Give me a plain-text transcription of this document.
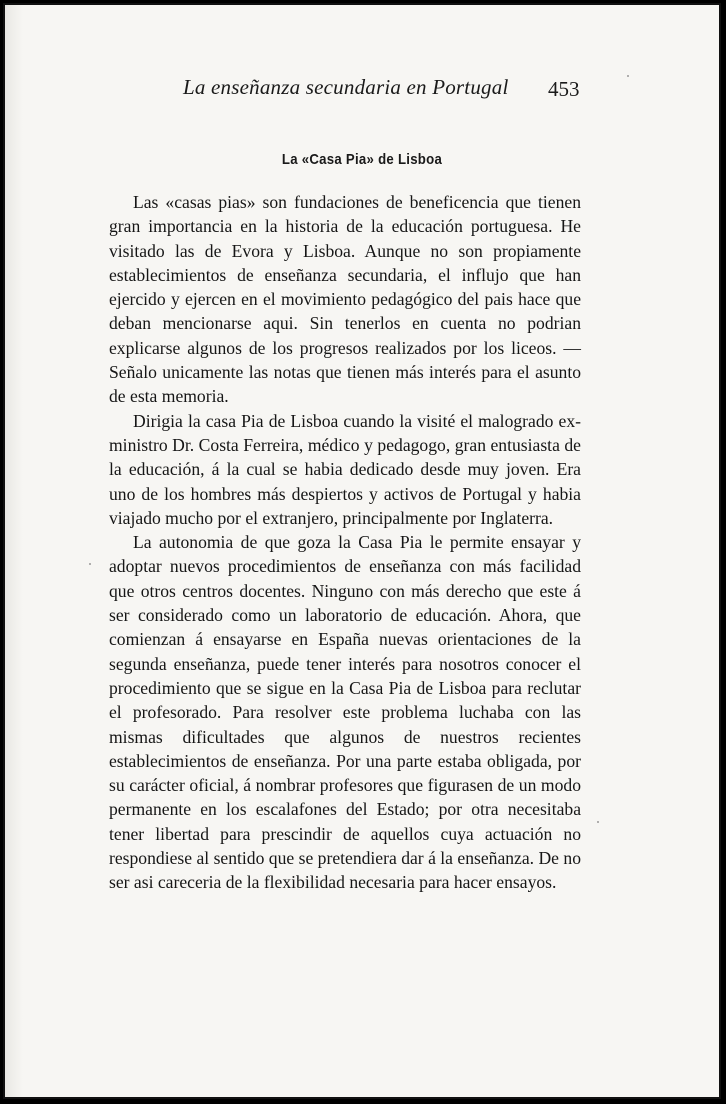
La enseñanza secundaria en Portugal 453
La «Casa Pia» de Lisboa

Las «casas pias» son fundaciones de beneficencia que tienen gran importancia en la historia de la educación portuguesa. He visitado las de Evora y Lisboa. Aunque no son propiamente establecimientos de enseñanza secundaria, el influjo que han ejercido y ejercen en el movimiento pedagógico del pais hace que deban mencionarse aqui. Sin tenerlos en cuenta no podrian explicarse algunos de los progresos realizados por los liceos. — Señalo unicamente las notas que tienen más interés para el asunto de esta memoria.

Dirigia la casa Pia de Lisboa cuando la visité el malogrado ex-ministro Dr. Costa Ferreira, médico y pedagogo, gran entusiasta de la educación, á la cual se habia dedicado desde muy joven. Era uno de los hombres más despiertos y activos de Portugal y habia viajado mucho por el extranjero, principalmente por Inglaterra.

La autonomia de que goza la Casa Pia le permite ensayar y adoptar nuevos procedimientos de enseñanza con más facilidad que otros centros docentes. Ninguno con más derecho que este á ser considerado como un laboratorio de educación. Ahora, que comienzan á ensayarse en España nuevas orientaciones de la segunda enseñanza, puede tener interés para nosotros conocer el procedimiento que se sigue en la Casa Pia de Lisboa para reclutar el profesorado. Para resolver este problema luchaba con las mismas dificultades que algunos de nuestros recientes establecimientos de enseñanza. Por una parte estaba obligada, por su carácter oficial, á nombrar profesores que figurasen de un modo permanente en los escalafones del Estado; por otra necesitaba tener libertad para prescindir de aquellos cuya actuación no respondiese al sentido que se pretendiera dar á la enseñanza. De no ser asi careceria de la flexibilidad necesaria para hacer ensayos.
